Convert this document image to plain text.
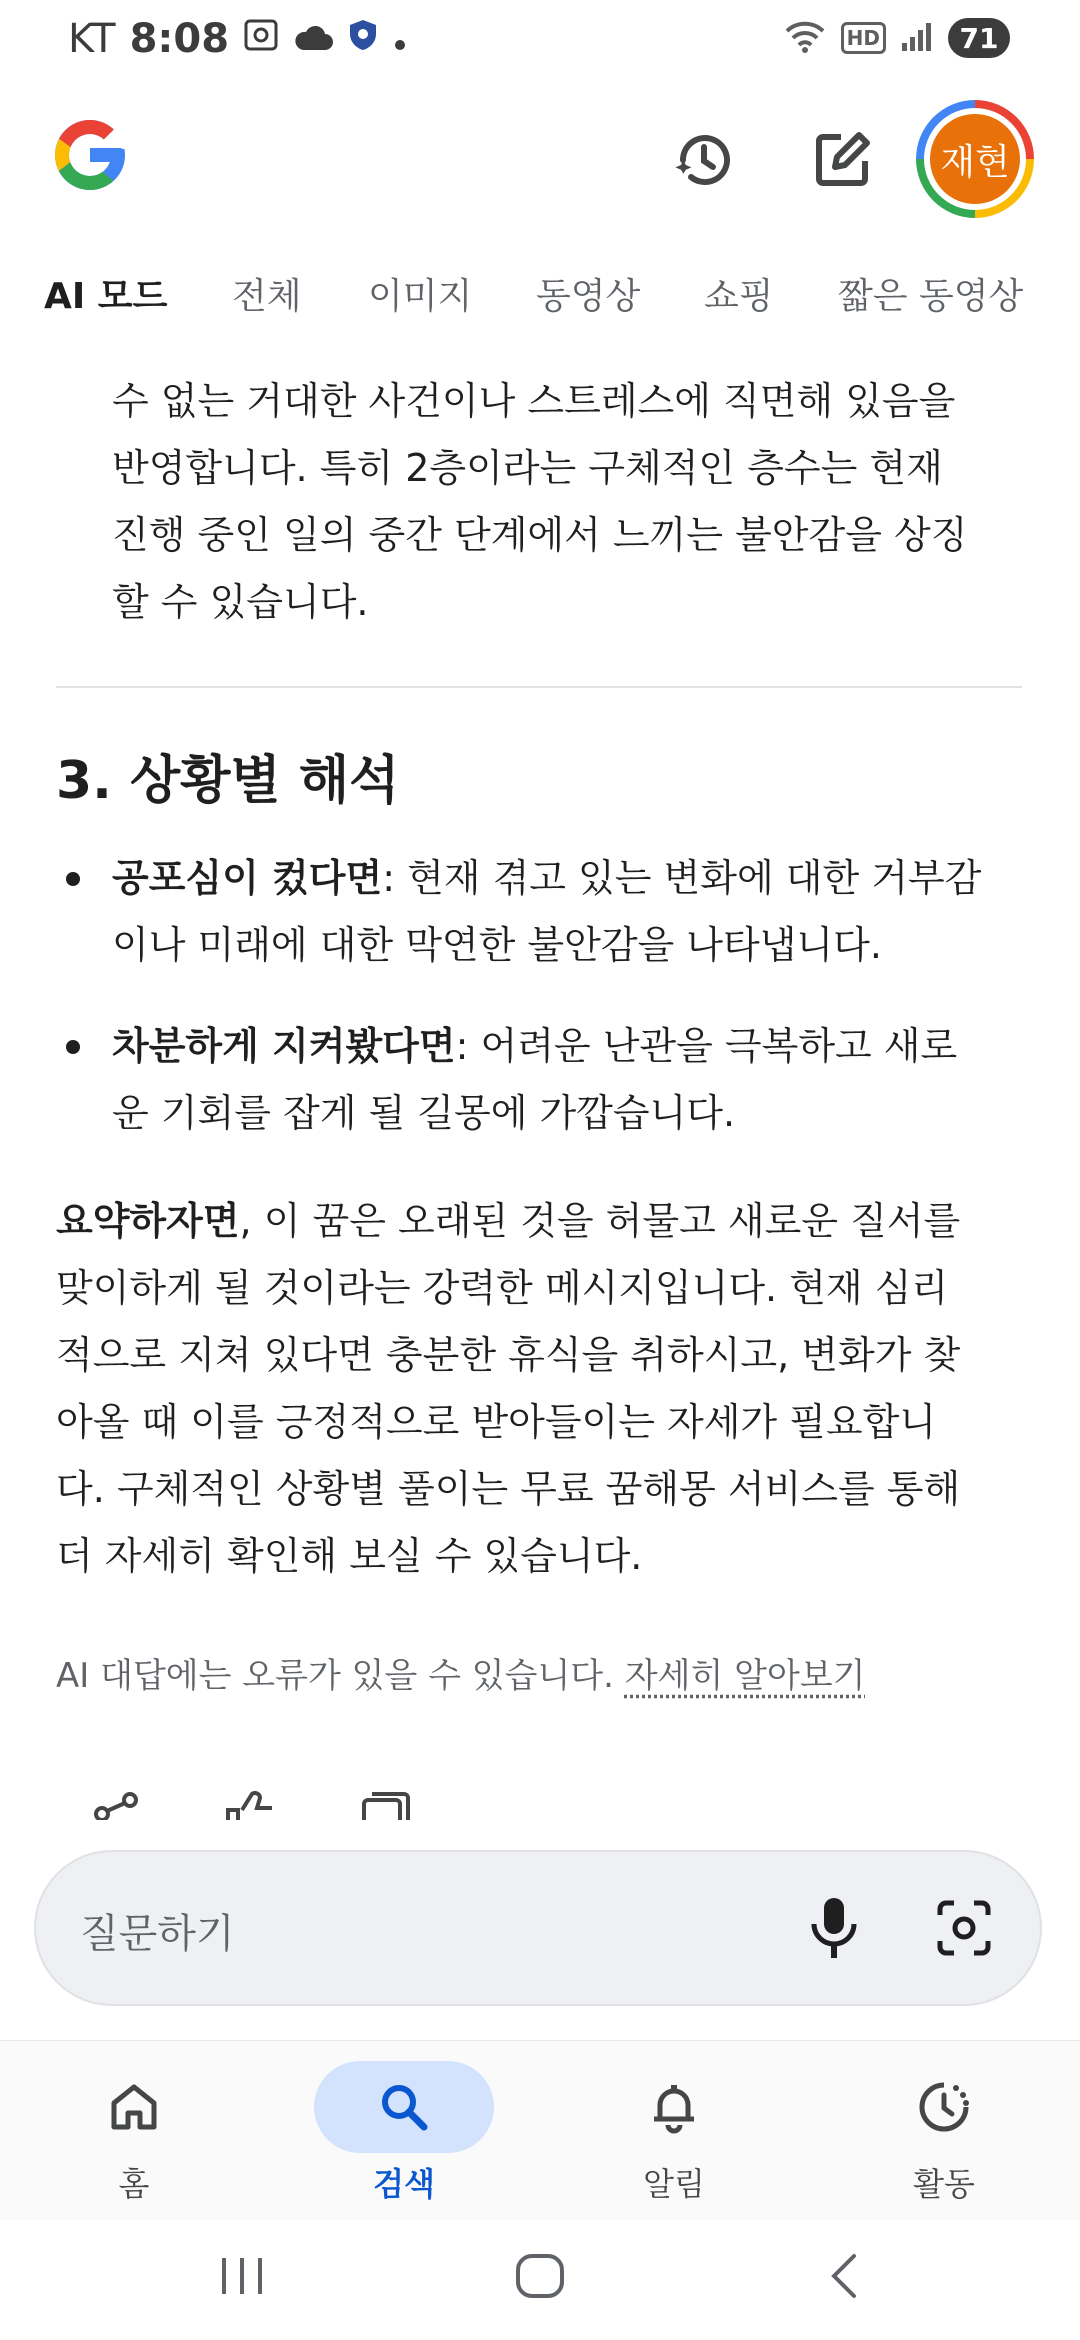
KT 8:08	HD	71
재현
AI 모드 전체 이미지 동영상 쇼핑 짧은 동영상
수 없는 거대한 사건이나 스트레스에 직면해 있음을
반영합니다. 특히 2층이라는 구체적인 층수는 현재
진행 중인 일의 중간 단계에서 느끼는 불안감을 상징
할 수 있습니다.
3. 상황별 해석
공포심이 컸다면: 현재 겪고 있는 변화에 대한 거부감
이나 미래에 대한 막연한 불안감을 나타냅니다.
차분하게 지켜봤다면: 어려운 난관을 극복하고 새로
운 기회를 잡게 될 길몽에 가깝습니다.
요약하자면, 이 꿈은 오래된 것을 허물고 새로운 질서를
맞이하게 될 것이라는 강력한 메시지입니다. 현재 심리
적으로 지쳐 있다면 충분한 휴식을 취하시고, 변화가 찾
아올 때 이를 긍정적으로 받아들이는 자세가 필요합니
다. 구체적인 상황별 풀이는 무료 꿈해몽 서비스를 통해
더 자세히 확인해 보실 수 있습니다.
AI 대답에는 오류가 있을 수 있습니다. 자세히 알아보기
질문하기
홈	검색	알림	활동
